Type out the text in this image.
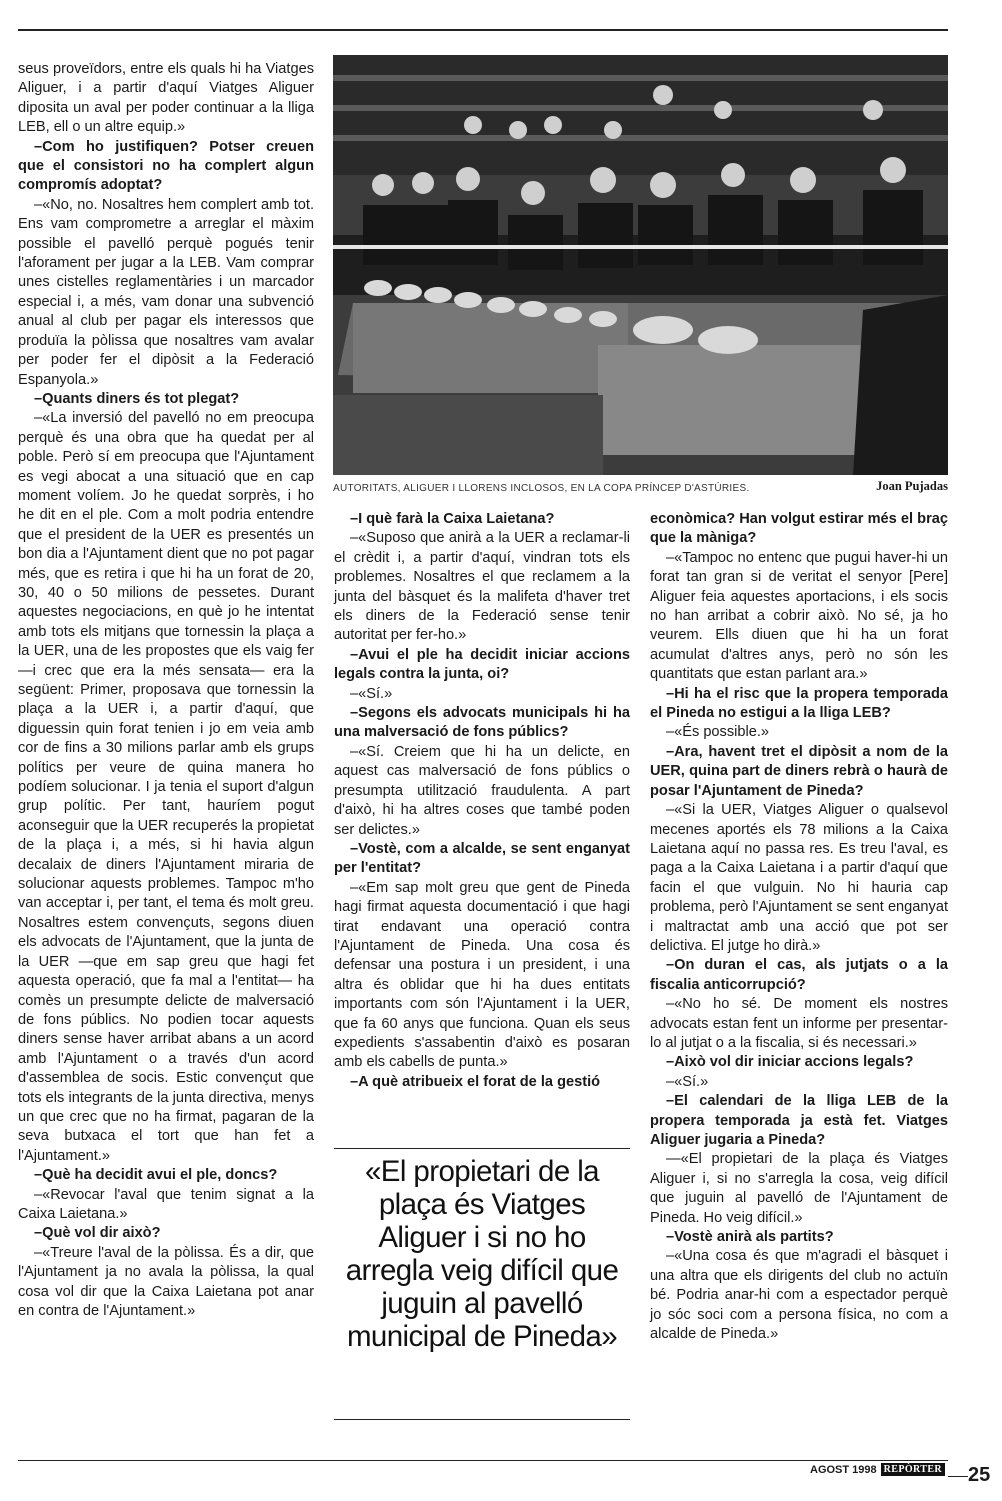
seus proveïdors, entre els quals hi ha Viatges Aliguer, i a partir d'aquí Viatges Aliguer diposita un aval per poder continuar a la lliga LEB, ell o un altre equip.»

–Com ho justifiquen? Potser creuen que el consistori no ha complert algun compromís adoptat?

–«No, no. Nosaltres hem complert amb tot. Ens vam comprometre a arreglar el màxim possible el pavelló perquè pogués tenir l'aforament per jugar a la LEB. Vam comprar unes cistelles reglamentàries i un marcador especial i, a més, vam donar una subvenció anual al club per pagar els interessos que produïa la pòlissa que nosaltres vam avalar per poder fer el dipòsit a la Federació Espanyola.»

–Quants diners és tot plegat?

–«La inversió del pavelló no em preocupa perquè és una obra que ha quedat per al poble. Però sí em preocupa que l'Ajuntament es vegi abocat a una situació que en cap moment volíem. Jo he quedat sorprès, i ho he dit en el ple. Com a molt podria entendre que el president de la UER es presentés un bon dia a l'Ajuntament dient que no pot pagar més, que es retira i que hi ha un forat de 20, 30, 40 o 50 milions de pessetes. Durant aquestes negociacions, en què jo he intentat amb tots els mitjans que tornessin la plaça a la UER, una de les propostes que els vaig fer —i crec que era la més sensata— era la següent: Primer, proposava que tornessin la plaça a la UER i, a partir d'aquí, que diguessin quin forat tenien i jo em veia amb cor de fins a 30 milions parlar amb els grups polítics per veure de quina manera ho podíem solucionar. I ja tenia el suport d'algun grup polític. Per tant, hauríem pogut aconseguir que la UER recuperés la propietat de la plaça i, a més, si hi havia algun decalaix de diners l'Ajuntament miraria de solucionar aquests problemes. Tampoc m'ho van acceptar i, per tant, el tema és molt greu. Nosaltres estem convençuts, segons diuen els advocats de l'Ajuntament, que la junta de la UER —que em sap greu que hagi fet aquesta operació, que fa mal a l'entitat— ha comès un presumpte delicte de malversació de fons públics. No podien tocar aquests diners sense haver arribat abans a un acord amb l'Ajuntament o a través d'un acord d'assemblea de socis. Estic convençut que tots els integrants de la junta directiva, menys un que crec que no ha firmat, pagaran de la seva butxaca el tort que han fet a l'Ajuntament.»

–Què ha decidit avui el ple, doncs?

–«Revocar l'aval que tenim signat a la Caixa Laietana.»

–Què vol dir això?

–«Treure l'aval de la pòlissa. És a dir, que l'Ajuntament ja no avala la pòlissa, la qual cosa vol dir que la Caixa Laietana pot anar en contra de l'Ajuntament.»

AUTORITATS, ALIGUER I LLORENS INCLOSOS, EN LA COPA PRÍNCEP D'ASTÚRIES.	Joan Pujadas

–I què farà la Caixa Laietana?

–«Suposo que anirà a la UER a reclamar-li el crèdit i, a partir d'aquí, vindran tots els problemes. Nosaltres el que reclamem a la junta del bàsquet és la malifeta d'haver tret els diners de la Federació sense tenir autoritat per fer-ho.»

–Avui el ple ha decidit iniciar accions legals contra la junta, oi?

–«Sí.»

–Segons els advocats municipals hi ha una malversació de fons públics?

–«Sí. Creiem que hi ha un delicte, en aquest cas malversació de fons públics o presumpta utilització fraudulenta. A part d'això, hi ha altres coses que també poden ser delictes.»

–Vostè, com a alcalde, se sent enganyat per l'entitat?

–«Em sap molt greu que gent de Pineda hagi firmat aquesta documentació i que hagi tirat endavant una operació contra l'Ajuntament de Pineda. Una cosa és defensar una postura i un president, i una altra és oblidar que hi ha dues entitats importants com són l'Ajuntament i la UER, que fa 60 anys que funciona. Quan els seus expedients s'assabentin d'això es posaran amb els cabells de punta.»

–A què atribueix el forat de la gestió

«El propietari de la plaça és Viatges Aliguer i si no ho arregla veig difícil que juguin al pavelló municipal de Pineda»

econòmica? Han volgut estirar més el braç que la màniga?

–«Tampoc no entenc que pugui haver-hi un forat tan gran si de veritat el senyor [Pere] Aliguer feia aquestes aportacions, i els socis no han arribat a cobrir això. No sé, ja ho veurem. Ells diuen que hi ha un forat acumulat d'altres anys, però no són les quantitats que estan parlant ara.»

–Hi ha el risc que la propera temporada el Pineda no estigui a la lliga LEB?

–«És possible.»

–Ara, havent tret el dipòsit a nom de la UER, quina part de diners rebrà o haurà de posar l'Ajuntament de Pineda?

–«Si la UER, Viatges Aliguer o qualsevol mecenes aportés els 78 milions a la Caixa Laietana aquí no passa res. Es treu l'aval, es paga a la Caixa Laietana i a partir d'aquí que facin el que vulguin. No hi hauria cap problema, però l'Ajuntament se sent enganyat i maltractat amb una acció que pot ser delictiva. El jutge ho dirà.»

–On duran el cas, als jutjats o a la fiscalia anticorrupció?

–«No ho sé. De moment els nostres advocats estan fent un informe per presentar-lo al jutjat o a la fiscalia, si és necessari.»

–Això vol dir iniciar accions legals?

–«Sí.»

–El calendari de la lliga LEB de la propera temporada ja està fet. Viatges Aliguer jugaria a Pineda?

—«El propietari de la plaça és Viatges Aliguer i, si no s'arregla la cosa, veig difícil que juguin al pavelló de l'Ajuntament de Pineda. Ho veig difícil.»

–Vostè anirà als partits?

–«Una cosa és que m'agradi el bàsquet i una altra que els dirigents del club no actuïn bé. Podria anar-hi com a espectador perquè jo sóc soci com a persona física, no com a alcalde de Pineda.»

AGOST 1998 REPÒRTER 25
